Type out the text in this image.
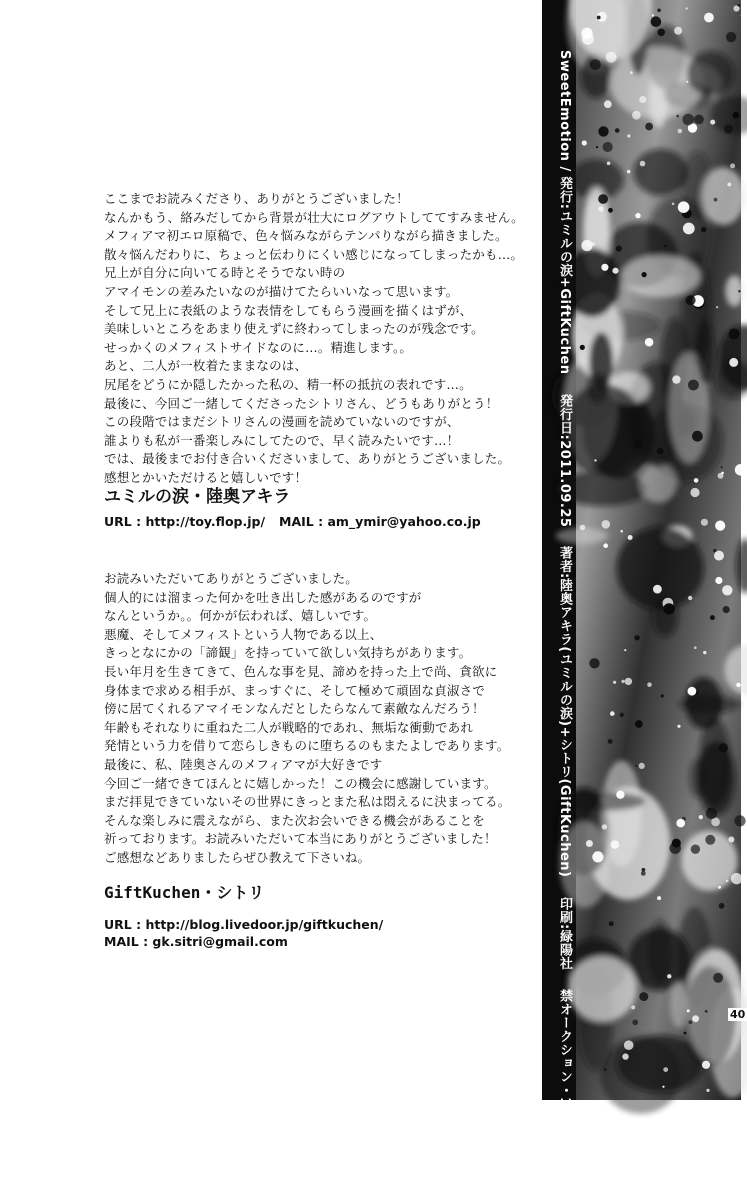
ここまでお読みくださり、ありがとうございました！
なんかもう、絡みだしてから背景が壮大にログアウトしててすみません。
メフィアマ初エロ原稿で、色々悩みながらテンパりながら描きました。
散々悩んだわりに、ちょっと伝わりにくい感じになってしまったかも…。
兄上が自分に向いてる時とそうでない時の
アマイモンの差みたいなのが描けてたらいいなって思います。
そして兄上に表紙のような表情をしてもらう漫画を描くはずが、
美味しいところをあまり使えずに終わってしまったのが残念です。
せっかくのメフィストサイドなのに…。精進します。。
あと、二人が一枚着たままなのは、
尻尾をどうにか隠したかった私の、精一杯の抵抗の表れです…。
最後に、今回ご一緒してくださったシトリさん、どうもありがとう！
この段階ではまだシトリさんの漫画を読めていないのですが、
誰よりも私が一番楽しみにしてたので、早く読みたいです…！
では、最後までお付き合いくださいまして、ありがとうございました。
感想とかいただけると嬉しいです！
ユミルの涙・陸奥アキラ
URL : http://toy.flop.jp/ MAIL : am_ymir@yahoo.co.jp
お読みいただいてありがとうございました。
個人的には溜まった何かを吐き出した感があるのですが
なんというか。。何かが伝われば、嬉しいです。
悪魔、そしてメフィストという人物である以上、
きっとなにかの「諦観」を持っていて欲しい気持ちがあります。
長い年月を生きてきて、色んな事を見、諦めを持った上で尚、貪欲に
身体まで求める相手が、まっすぐに、そして極めて頑固な貞淑さで
傍に居てくれるアマイモンなんだとしたらなんて素敵なんだろう！
年齢もそれなりに重ねた二人が戦略的であれ、無垢な衝動であれ
発情という力を借りて恋らしきものに堕ちるのもまたよしであります。
最後に、私、陸奥さんのメフィアマが大好きです
今回ご一緒できてほんとに嬉しかった！この機会に感謝しています。
まだ拝見できていないその世界にきっとまた私は悶えるに決まってる。
そんな楽しみに震えながら、また次お会いできる機会があることを
祈っております。お読みいただいて本当にありがとうございました！
ご感想などありましたらぜひ教えて下さいね。
GiftKuchen・シトリ
URL : http://blog.livedoor.jp/giftkuchen/
MAIL : gk.sitri@gmail.com
SweetEmotion / 発行:ユミルの涙+GiftKuchen 発行日:2011.09.25 著者:陸奥アキラ(ユミルの涙)+シトリ(GiftKuchen) 印刷:緑陽社 禁オークション・18歳未満閲覧	40
